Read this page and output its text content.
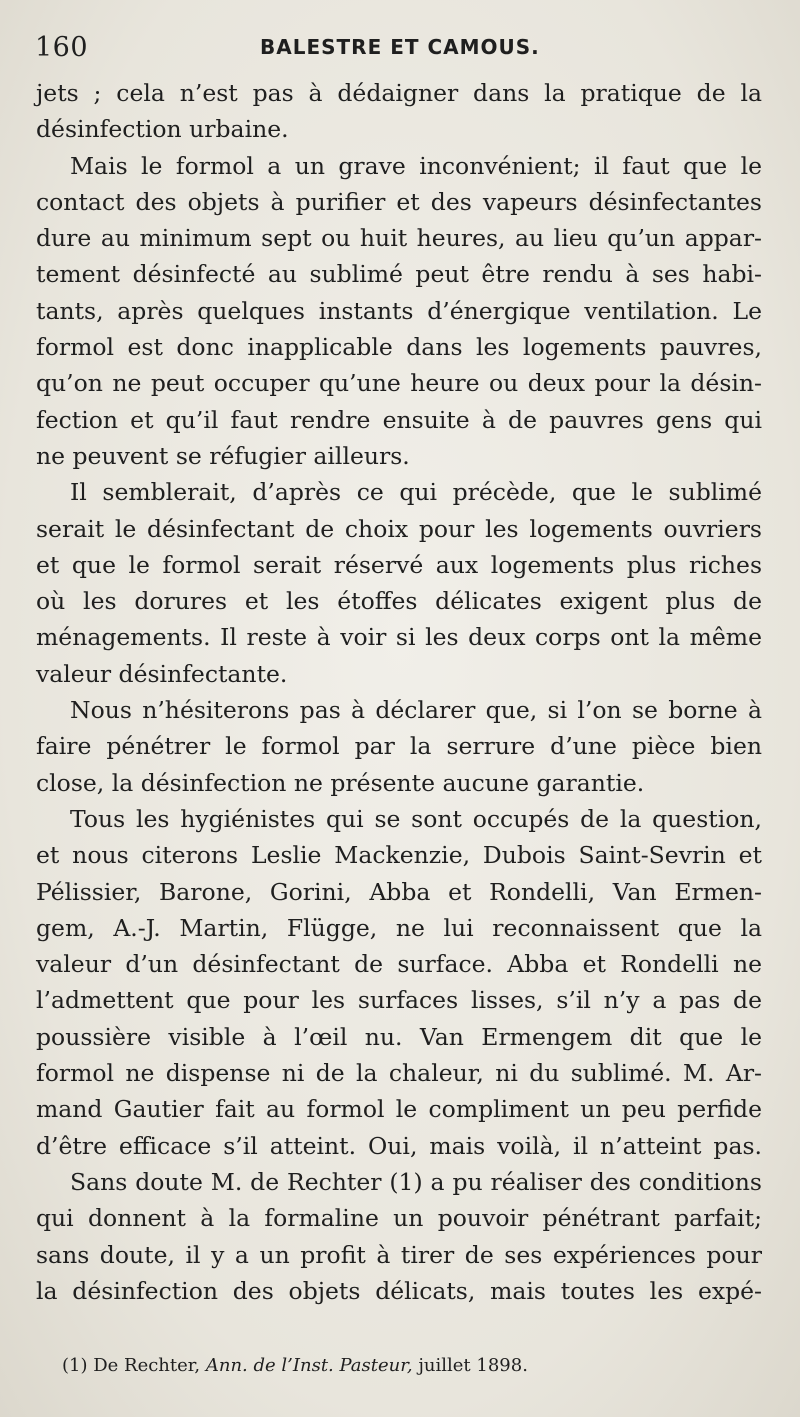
160	BALESTRE ET CAMOUS.
jets ; cela n’est pas à dédaigner dans la pratique de la
désinfection urbaine.
Mais le formol a un grave inconvénient; il faut que le
contact des objets à purifier et des vapeurs désinfectantes
dure au minimum sept ou huit heures, au lieu qu’un appar-
tement désinfecté au sublimé peut être rendu à ses habi-
tants, après quelques instants d’énergique ventilation. Le
formol est donc inapplicable dans les logements pauvres,
qu’on ne peut occuper qu’une heure ou deux pour la désin-
fection et qu’il faut rendre ensuite à de pauvres gens qui
ne peuvent se réfugier ailleurs.
Il semblerait, d’après ce qui précède, que le sublimé
serait le désinfectant de choix pour les logements ouvriers
et que le formol serait réservé aux logements plus riches
où les dorures et les étoffes délicates exigent plus de
ménagements. Il reste à voir si les deux corps ont la même
valeur désinfectante.
Nous n’hésiterons pas à déclarer que, si l’on se borne à
faire pénétrer le formol par la serrure d’une pièce bien
close, la désinfection ne présente aucune garantie.
Tous les hygiénistes qui se sont occupés de la question,
et nous citerons Leslie Mackenzie, Dubois Saint-Sevrin et
Pélissier, Barone, Gorini, Abba et Rondelli, Van Ermen-
gem, A.-J. Martin, Flügge, ne lui reconnaissent que la
valeur d’un désinfectant de surface. Abba et Rondelli ne
l’admettent que pour les surfaces lisses, s’il n’y a pas de
poussière visible à l’œil nu. Van Ermengem dit que le
formol ne dispense ni de la chaleur, ni du sublimé. M. Ar-
mand Gautier fait au formol le compliment un peu perfide
d’être efficace s’il atteint. Oui, mais voilà, il n’atteint pas.
Sans doute M. de Rechter (1) a pu réaliser des conditions
qui donnent à la formaline un pouvoir pénétrant parfait;
sans doute, il y a un profit à tirer de ses expériences pour
la désinfection des objets délicats, mais toutes les expé-
(1) De Rechter, Ann. de l’Inst. Pasteur, juillet 1898.
